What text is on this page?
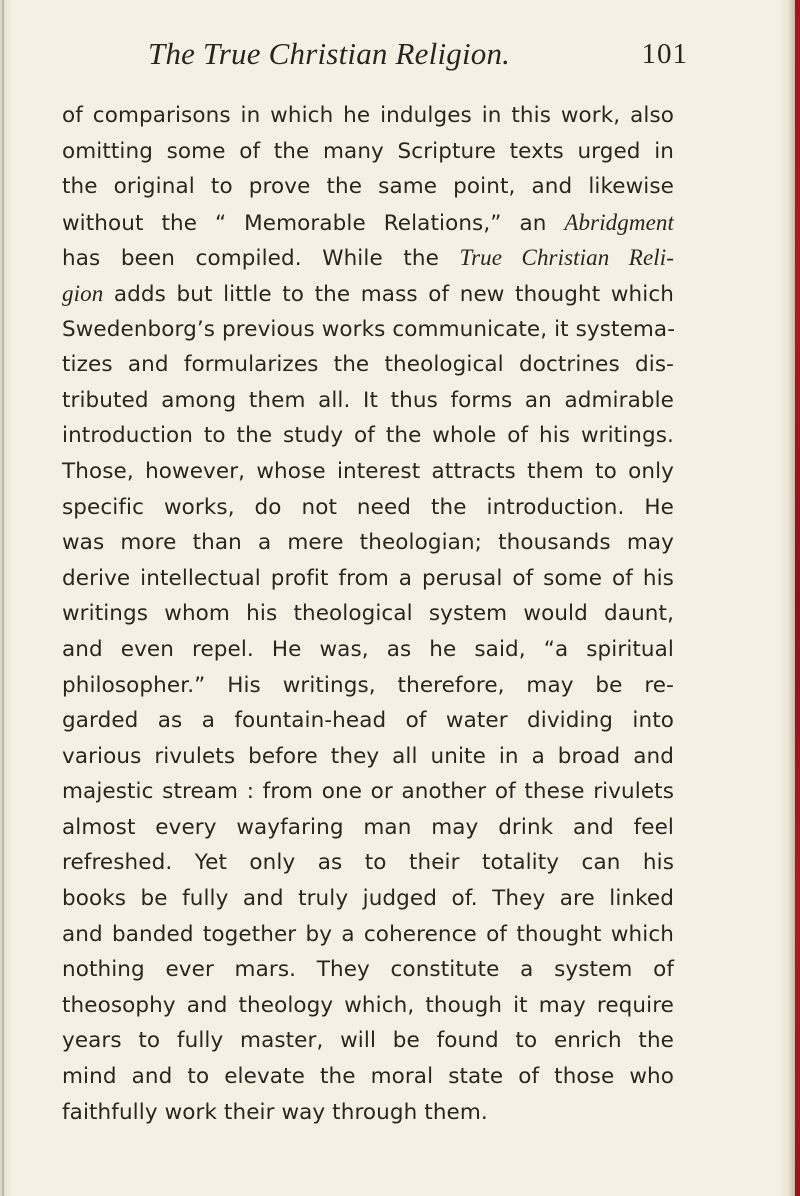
The True Christian Religion.	101
of comparisons in which he indulges in this work, also
omitting some of the many Scripture texts urged in
the original to prove the same point, and likewise
without the “ Memorable Relations,” an Abridgment
has been compiled. While the True Christian Reli-
gion adds but little to the mass of new thought which
Swedenborg’s previous works communicate, it systema-
tizes and formularizes the theological doctrines dis-
tributed among them all. It thus forms an admirable
introduction to the study of the whole of his writings.
Those, however, whose interest attracts them to only
specific works, do not need the introduction. He
was more than a mere theologian; thousands may
derive intellectual profit from a perusal of some of his
writings whom his theological system would daunt,
and even repel. He was, as he said, “a spiritual
philosopher.” His writings, therefore, may be re-
garded as a fountain-head of water dividing into
various rivulets before they all unite in a broad and
majestic stream : from one or another of these rivulets
almost every wayfaring man may drink and feel
refreshed. Yet only as to their totality can his
books be fully and truly judged of. They are linked
and banded together by a coherence of thought which
nothing ever mars. They constitute a system of
theosophy and theology which, though it may require
years to fully master, will be found to enrich the
mind and to elevate the moral state of those who
faithfully work their way through them.
